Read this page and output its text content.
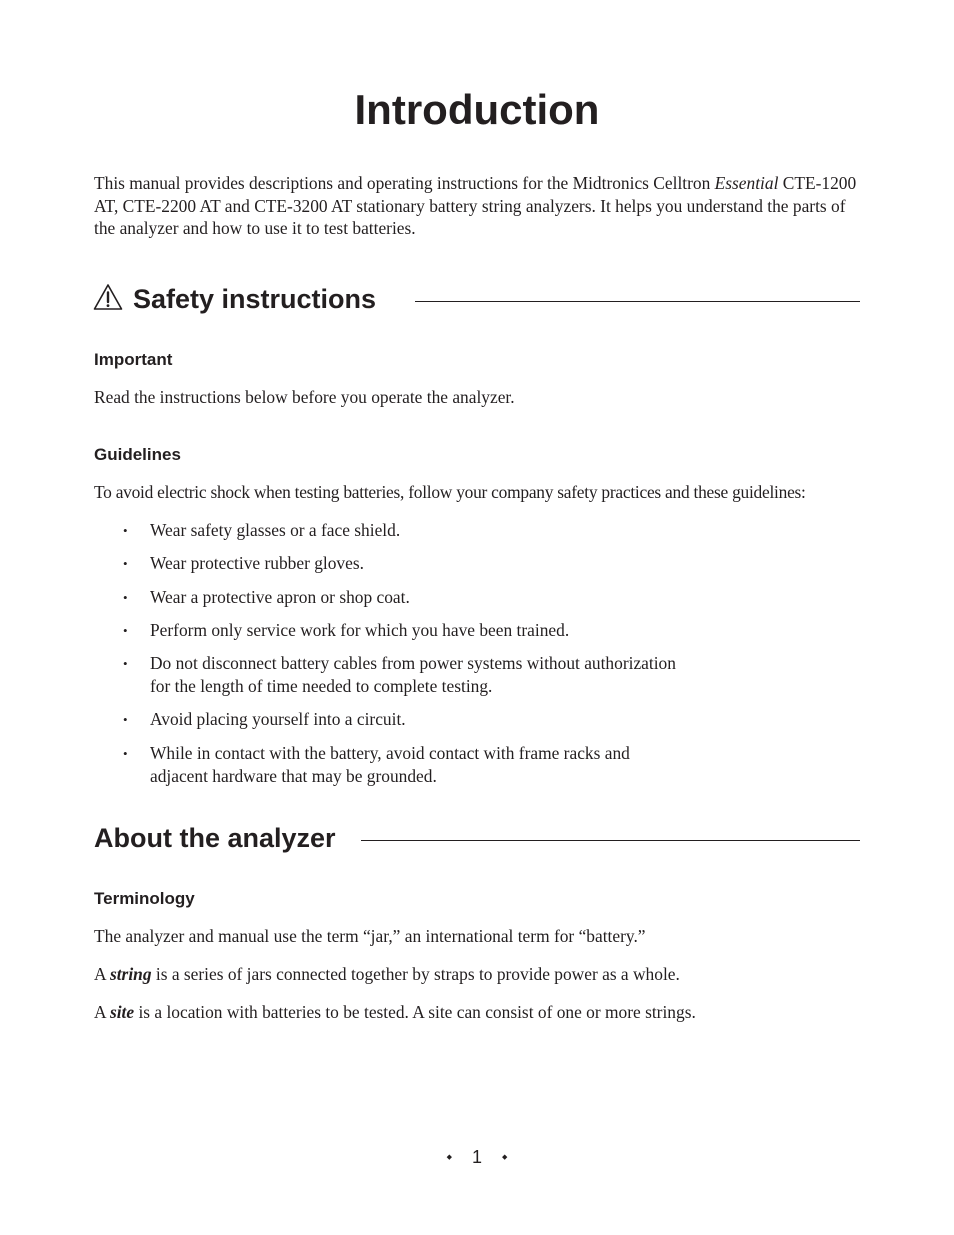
Introduction

This manual provides descriptions and operating instructions for the Midtronics Celltron Essential CTE-1200 AT, CTE-2200 AT and CTE-3200 AT stationary battery string analyzers. It helps you understand the parts of the analyzer and how to use it to test batteries.

Safety instructions
Important

Read the instructions below before you operate the analyzer.

Guidelines

To avoid electric shock when testing batteries, follow your company safety practices and these guidelines:

• Wear safety glasses or a face shield.
• Wear protective rubber gloves.
• Wear a protective apron or shop coat.
• Perform only service work for which you have been trained.
• Do not disconnect battery cables from power systems without authorization
for the length of time needed to complete testing.
• Avoid placing yourself into a circuit.
• While in contact with the battery, avoid contact with frame racks and
adjacent hardware that may be grounded.
About the analyzer
Terminology

The analyzer and manual use the term “jar,” an international term for “battery.”

A string is a series of jars connected together by straps to provide power as a whole.

A site is a location with batteries to be tested. A site can consist of one or more strings.

◆ 1	◆
